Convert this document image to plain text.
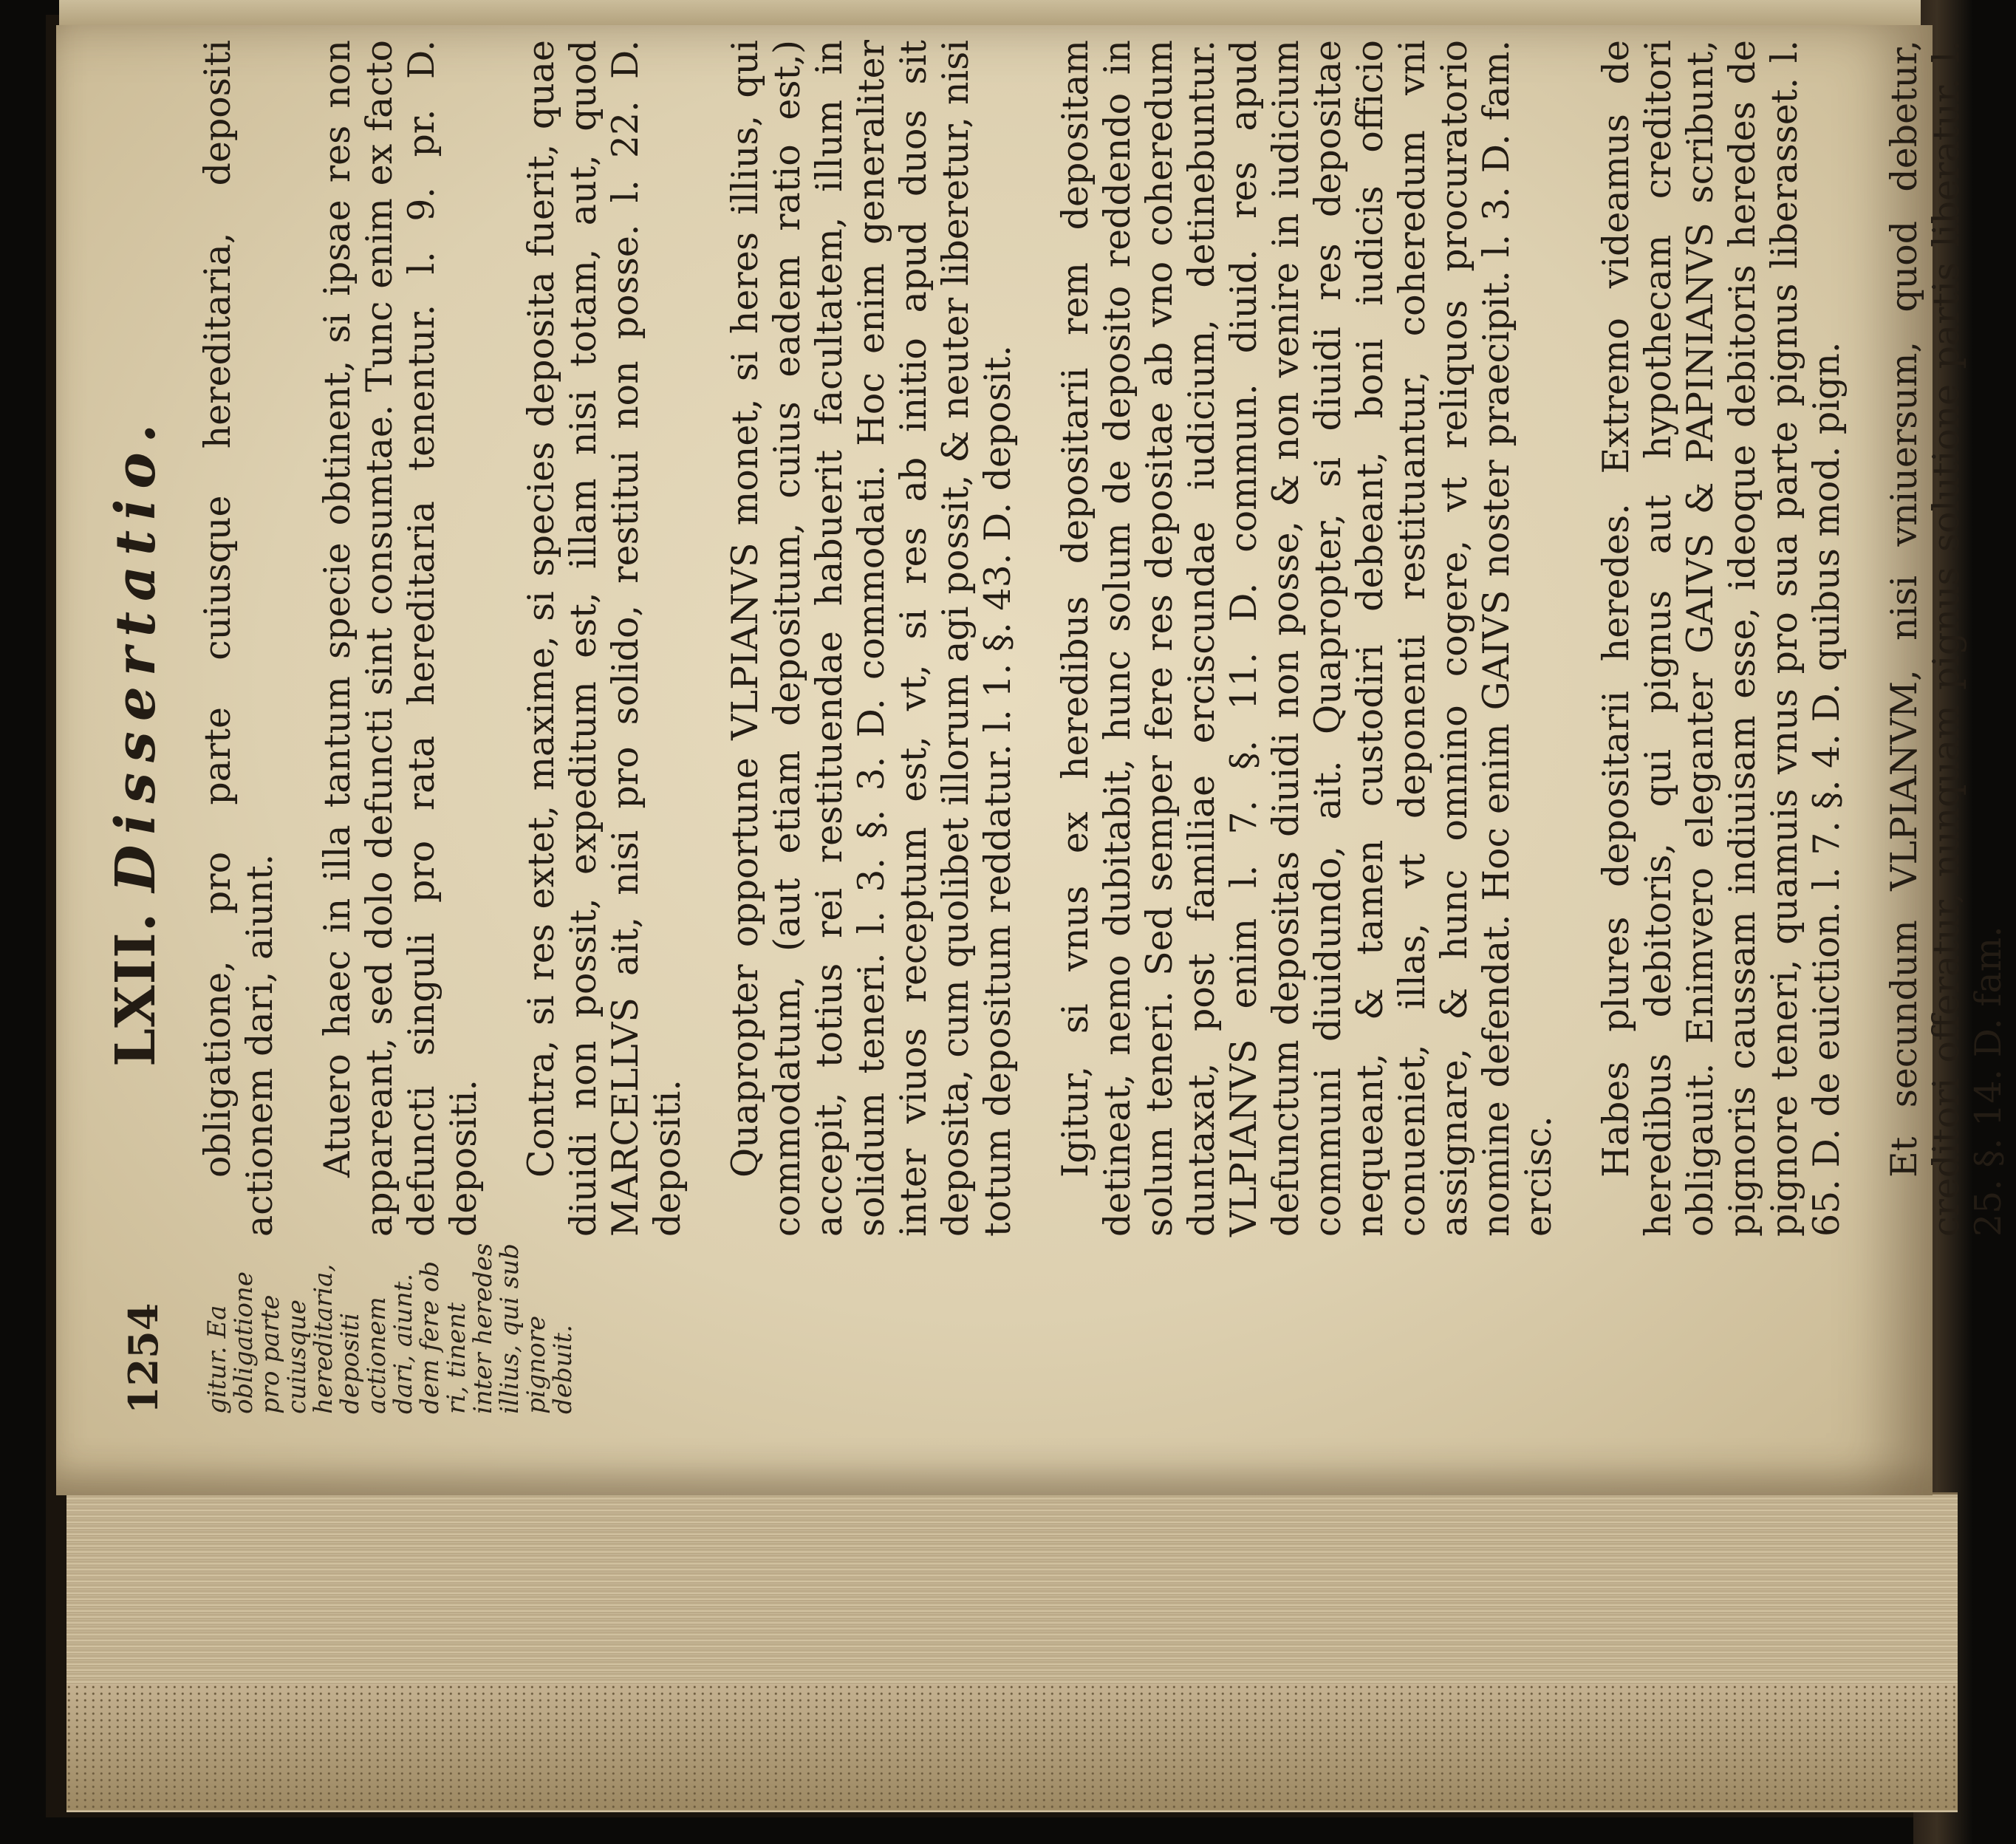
1254
LXII. Dissertatio.
gitur. Ea obligatione pro parte cuiusque hereditaria, depositi actionem dari, aiunt. dem fere ob ri, tinent inter heredes illius, qui sub pignore debuit.

obligatione, pro parte cuiusque hereditaria, depositi actionem dari, aiunt. Atuero haec in illa tantum specie obtinent, si ipsae res non appareant, sed dolo defuncti sint consumtae. Tunc enim ex facto defuncti singuli pro rata hereditaria tenentur. l. 9. pr. D. depositi. Contra, si res extet, maxime, si species deposita fuerit, quae diuidi non possit, expeditum est, illam nisi totam, aut, quod MARCELLVS ait, nisi pro solido, restitui non posse. l. 22. D. depositi. Quapropter opportune VLPIANVS monet, si heres illius, qui commodatum, (aut etiam depositum, cuius eadem ratio est,) accepit, totius rei restituendae habuerit facultatem, illum in solidum teneri. l. 3. §. 3. D. commodati. Hoc enim generaliter inter viuos receptum est, vt, si res ab initio apud duos sit deposita, cum quolibet illorum agi possit, & neuter liberetur, nisi totum depositum reddatur. l. 1. §. 43. D. deposit. Igitur, si vnus ex heredibus depositarii rem depositam detineat, nemo dubitabit, hunc solum de deposito reddendo in solum teneri. Sed semper fere res depositae ab vno coheredum duntaxat, post familiae erciscundae iudicium, detinebuntur. VLPIANVS enim l. 7. §. 11. D. commun. diuid. res apud defunctum depositas diuidi non posse, & non venire in iudicium communi diuidundo, ait. Quapropter, si diuidi res depositae nequeant, & tamen custodiri debeant, boni iudicis officio conueniet, illas, vt deponenti restituantur, coheredum vni assignare, & hunc omnino cogere, vt reliquos procuratorio nomine defendat. Hoc enim GAIVS noster praecipit. l. 3. D. fam. ercisc. Habes plures depositarii heredes. Extremo videamus de heredibus debitoris, qui pignus aut hypothecam creditori obligauit. Enimvero eleganter GAIVS & PAPINIANVS scribunt, pignoris caussam indiuisam esse, ideoque debitoris heredes de pignore teneri, quamuis vnus pro sua parte pignus liberasset. l. 65. D. de euiction. l. 7. §. 4. D. quibus mod. pign. Et secundum VLPIANVM, nisi vniuersum, quod debetur, creditori offeratur, nunquam pignus solutione partis liberatur. l. 25. §. 14. D. fam.
